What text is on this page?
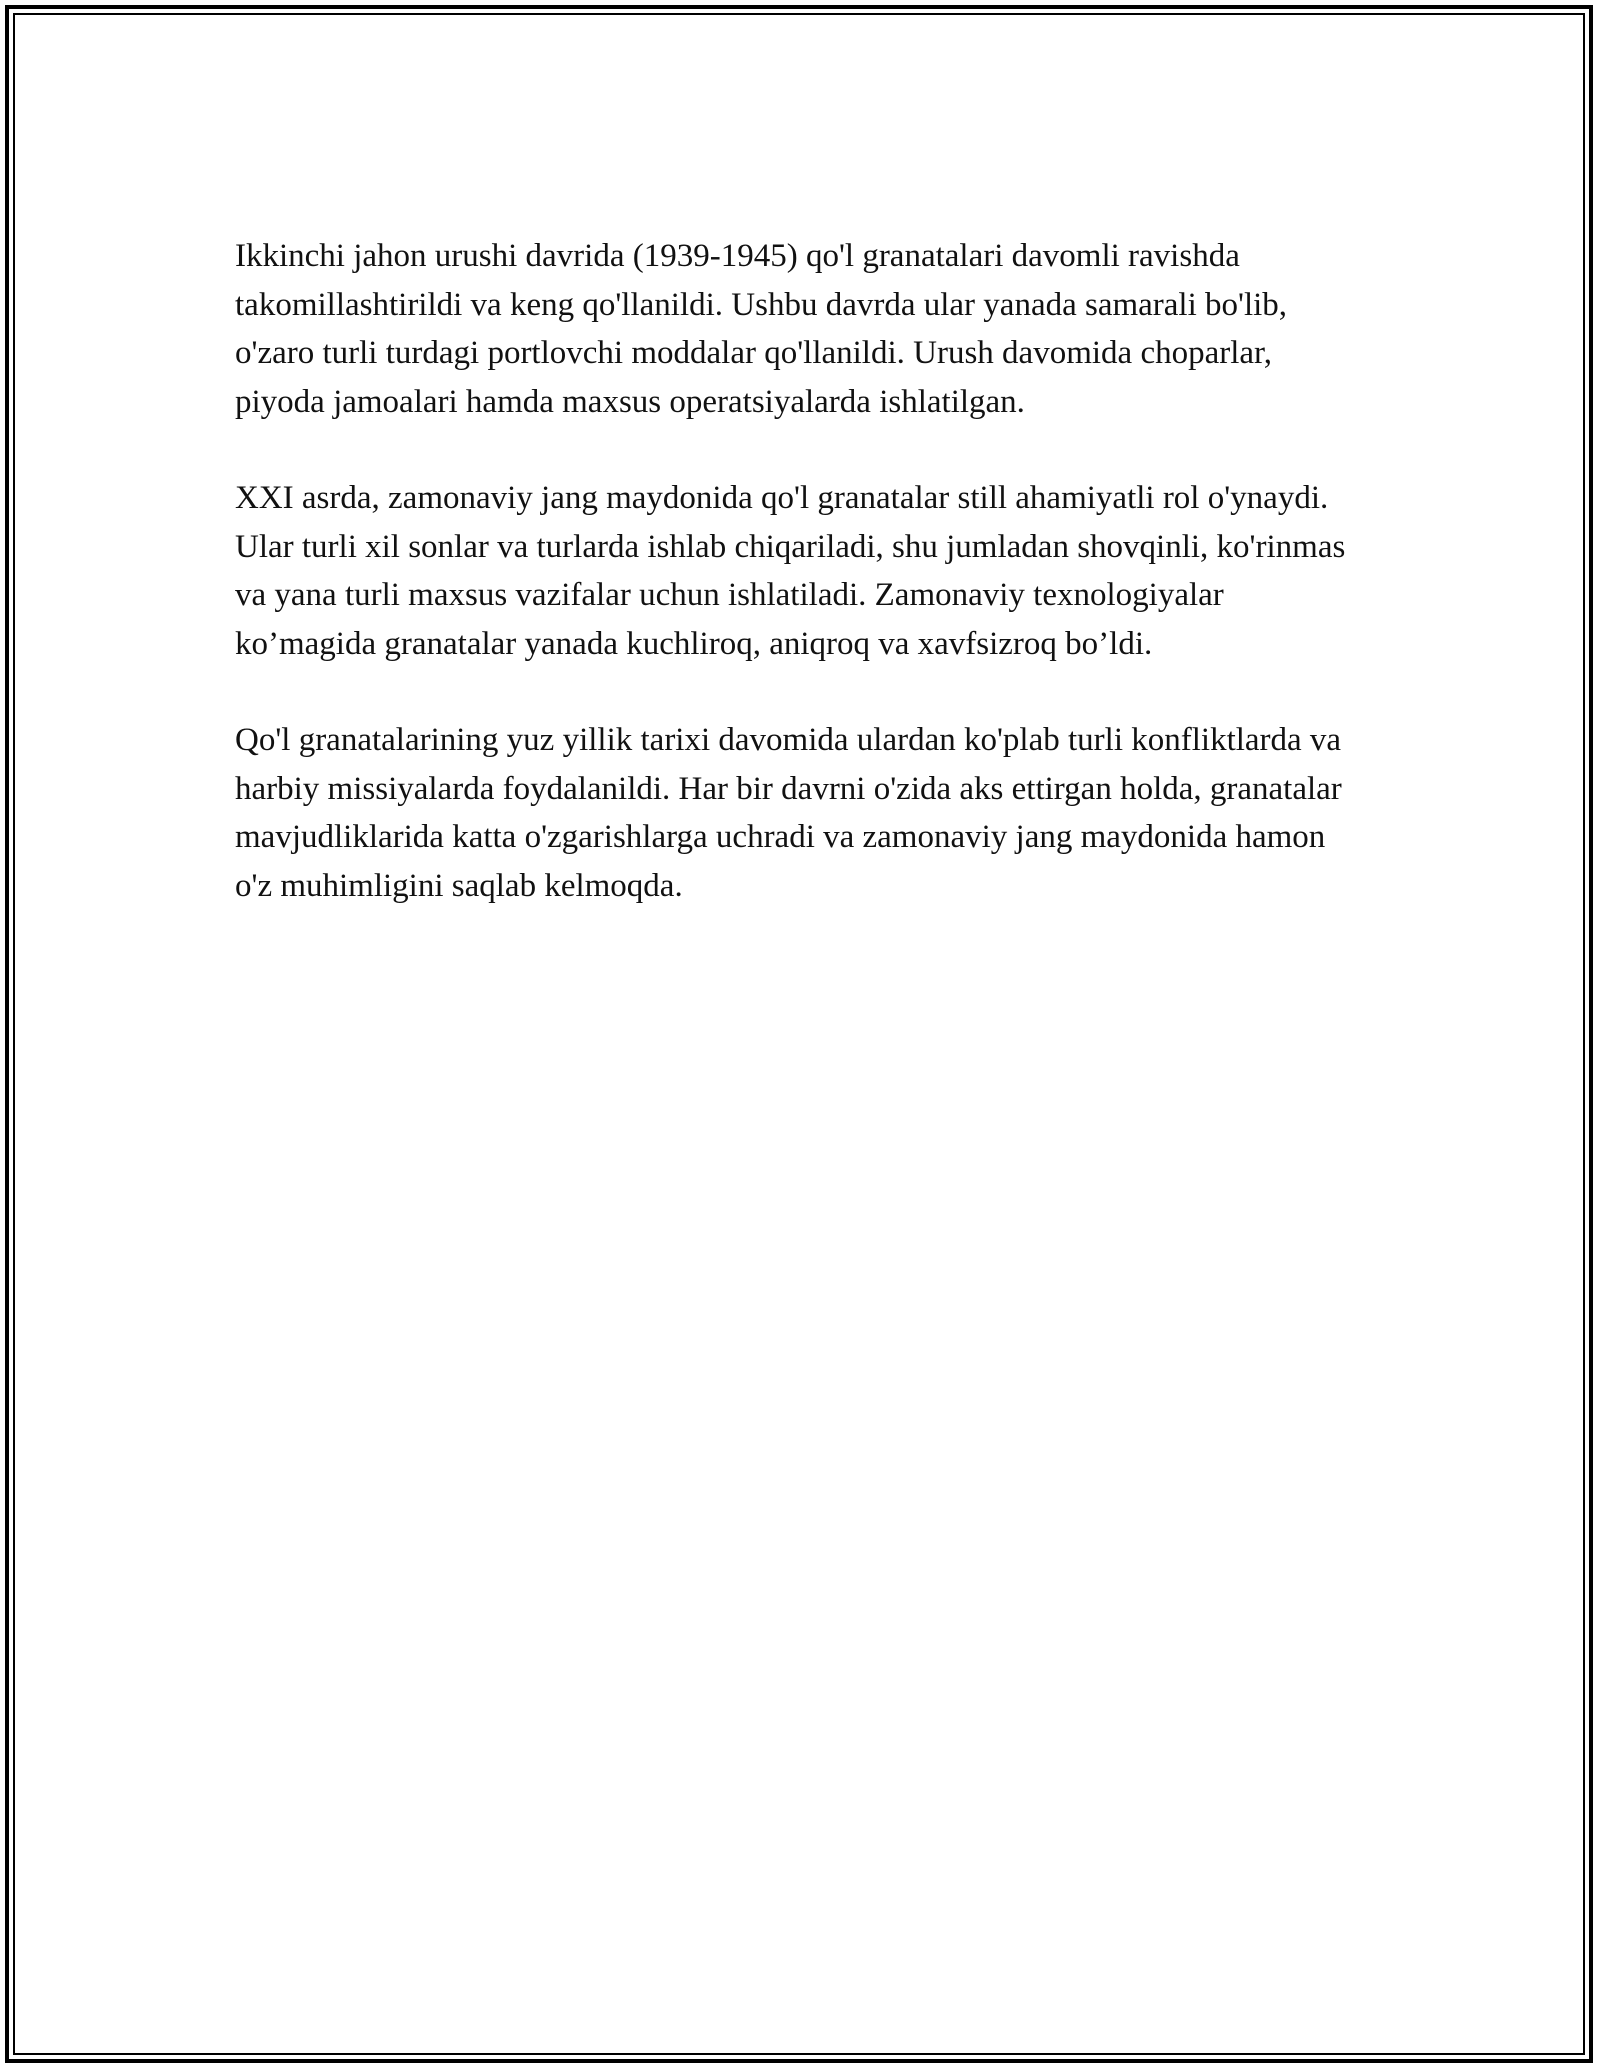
Ikkinchi jahon urushi davrida (1939-1945) qo'l granatalari davomli ravishda takomillashtirildi va keng qo'llanildi. Ushbu davrda ular yanada samarali bo'lib, o'zaro turli turdagi portlovchi moddalar qo'llanildi. Urush davomida choparlar, piyoda jamoalari hamda maxsus operatsiyalarda ishlatilgan.

XXI asrda, zamonaviy jang maydonida qo'l granatalar still ahamiyatli rol o'ynaydi. Ular turli xil sonlar va turlarda ishlab chiqariladi, shu jumladan shovqinli, ko'rinmas va yana turli maxsus vazifalar uchun ishlatiladi. Zamonaviy texnologiyalar ko’magida granatalar yanada kuchliroq, aniqroq va xavfsizroq bo’ldi.

Qo'l granatalarining yuz yillik tarixi davomida ulardan ko'plab turli konfliktlarda va harbiy missiyalarda foydalanildi. Har bir davrni o'zida aks ettirgan holda, granatalar mavjudliklarida katta o'zgarishlarga uchradi va zamonaviy jang maydonida hamon o'z muhimligini saqlab kelmoqda.
